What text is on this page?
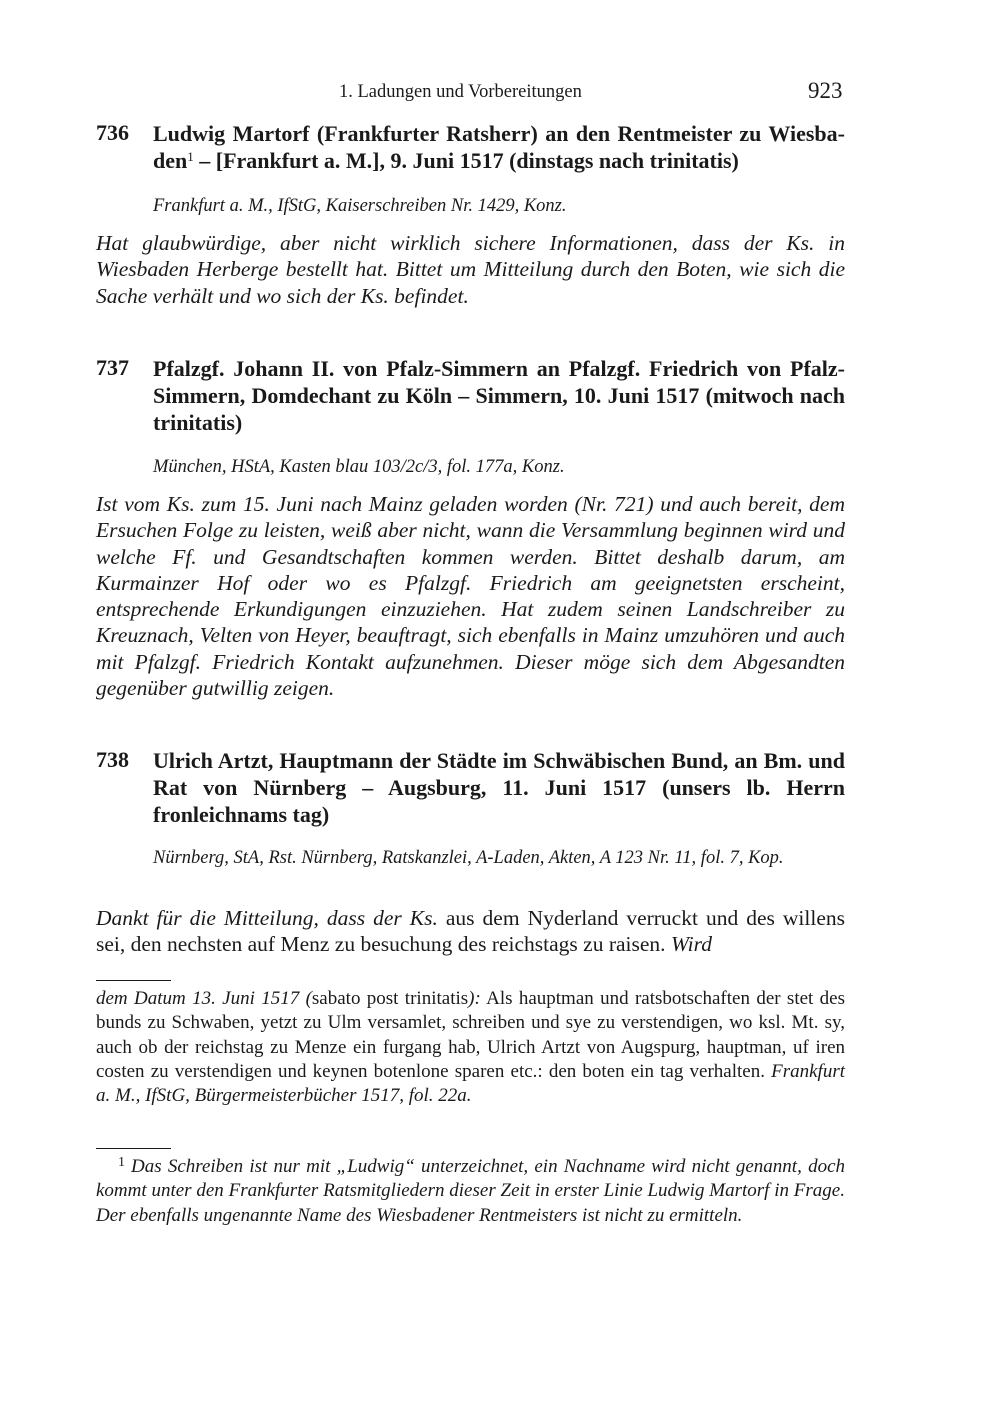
1. Ladungen und Vorbereitungen	923
736 Ludwig Martorf (Frankfurter Ratsherr) an den Rentmeister zu Wiesbaden$^1$ – [Frankfurt a. M.], 9. Juni 1517 (dinstags nach trinitatis)

Frankfurt a. M., IfStG, Kaiserschreiben Nr. 1429, Konz.

Hat glaubwürdige, aber nicht wirklich sichere Informationen, dass der Ks. in Wiesbaden Herberge bestellt hat. Bittet um Mitteilung durch den Boten, wie sich die Sache verhält und wo sich der Ks. befindet.

737 Pfalzgf. Johann II. von Pfalz-Simmern an Pfalzgf. Friedrich von Pfalz-Simmern, Domdechant zu Köln – Simmern, 10. Juni 1517 (mitwoch nach trinitatis)

München, HStA, Kasten blau 103/2c/3, fol. 177a, Konz.

Ist vom Ks. zum 15. Juni nach Mainz geladen worden (Nr. 721) und auch bereit, dem Ersuchen Folge zu leisten, weiß aber nicht, wann die Versammlung beginnen wird und welche Ff. und Gesandtschaften kommen werden. Bittet deshalb darum, am Kurmainzer Hof oder wo es Pfalzgf. Friedrich am geeignetsten erscheint, entsprechende Erkundigungen einzuziehen. Hat zudem seinen Landschreiber zu Kreuznach, Velten von Heyer, beauftragt, sich ebenfalls in Mainz umzuhören und auch mit Pfalzgf. Friedrich Kontakt aufzunehmen. Dieser möge sich dem Abgesandten gegenüber gutwillig zeigen.

738 Ulrich Artzt, Hauptmann der Städte im Schwäbischen Bund, an Bm. und Rat von Nürnberg – Augsburg, 11. Juni 1517 (unsers lb. Herrn fronleichnams tag)

Nürnberg, StA, Rst. Nürnberg, Ratskanzlei, A-Laden, Akten, A 123 Nr. 11, fol. 7, Kop.

Dankt für die Mitteilung, dass der Ks. aus dem Nyderland verruckt und des willens sei, den nechsten auf Menz zu besuchung des reichstags zu raisen. Wird

dem Datum 13. Juni 1517 (sabato post trinitatis): Als hauptman und ratsbotschaften der stet des bunds zu Schwaben, yetzt zu Ulm versamlet, schreiben und sye zu verstendigen, wo ksl. Mt. sy, auch ob der reichstag zu Menze ein furgang hab, Ulrich Artzt von Augspurg, hauptman, uf iren costen zu verstendigen und keynen botenlone sparen etc.: den boten ein tag verhalten. Frankfurt a. M., IfStG, Bürgermeisterbücher 1517, fol. 22a.

1 Das Schreiben ist nur mit „Ludwig“ unterzeichnet, ein Nachname wird nicht genannt, doch kommt unter den Frankfurter Ratsmitgliedern dieser Zeit in erster Linie Ludwig Martorf in Frage. Der ebenfalls ungenannte Name des Wiesbadener Rentmeisters ist nicht zu ermitteln.
